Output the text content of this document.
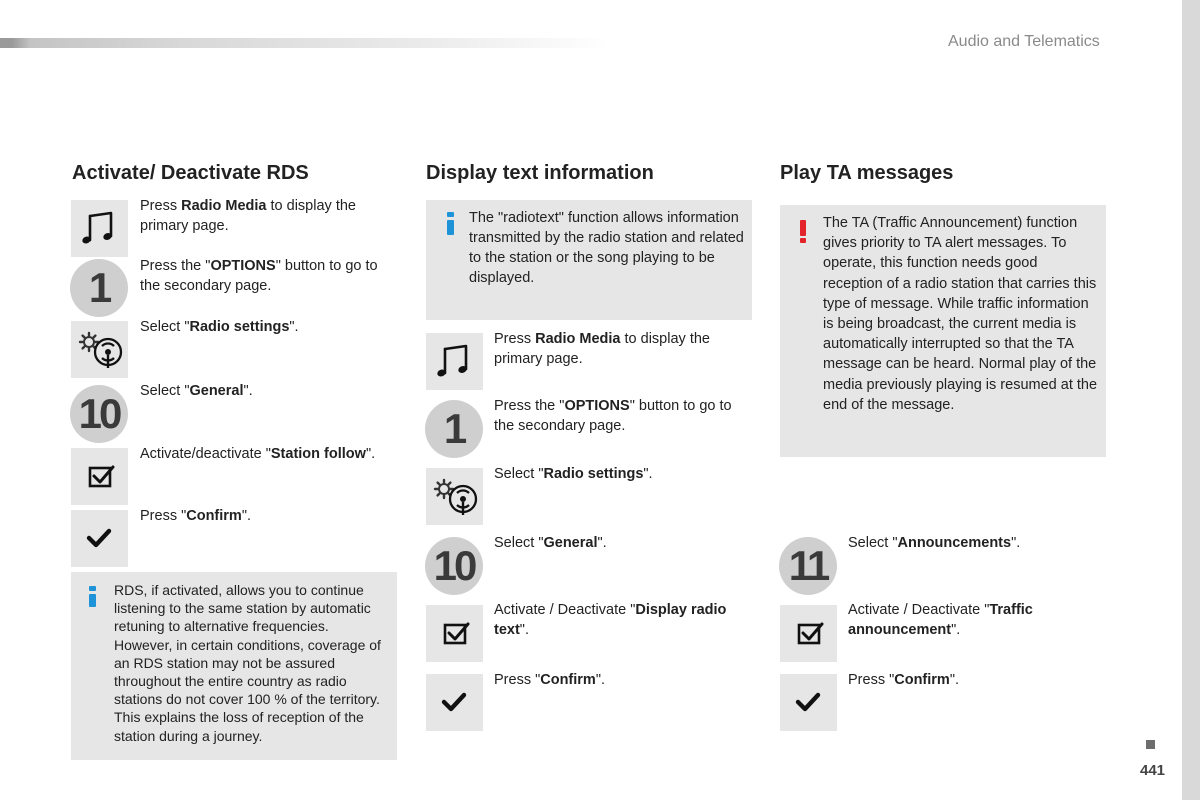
Audio and Telematics
441
Activate/ Deactivate RDS
Press Radio Media to display the primary page.
1	Press the "OPTIONS" button to go to the secondary page.
Select "Radio settings".
10	Select "General".
Activate/deactivate "Station follow".
Press "Confirm".
RDS, if activated, allows you to continue listening to the same station by automatic retuning to alternative frequencies. However, in certain conditions, coverage of an RDS station may not be assured throughout the entire country as radio stations do not cover 100 % of the territory. This explains the loss of reception of the station during a journey.
Display text information
The "radiotext" function allows information transmitted by the radio station and related to the station or the song playing to be displayed.
Press Radio Media to display the primary page.
1	Press the "OPTIONS" button to go to the secondary page.
Select "Radio settings".
10	Select "General".
Activate / Deactivate "Display radio text".
Press "Confirm".
Play TA messages
The TA (Traffic Announcement) function gives priority to TA alert messages. To operate, this function needs good reception of a radio station that carries this type of message. While traffic information is being broadcast, the current media is automatically interrupted so that the TA message can be heard. Normal play of the media previously playing is resumed at the end of the message.
11	Select "Announcements".
Activate / Deactivate "Traffic announcement".
Press "Confirm".
